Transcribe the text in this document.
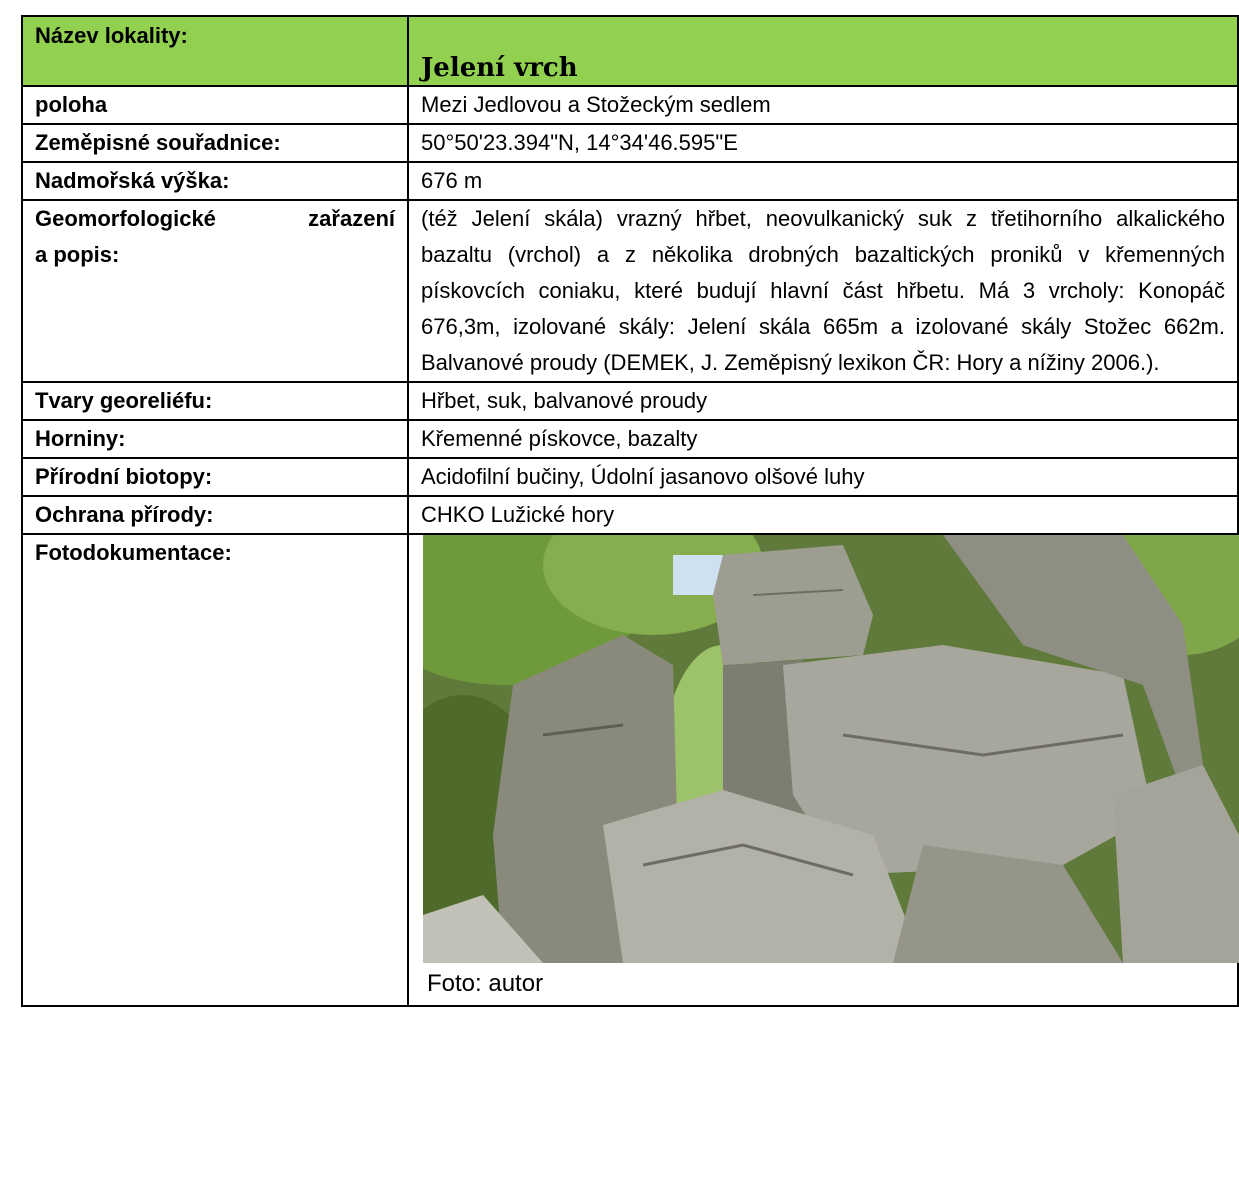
Název lokality:	Jelení vrch

poloha	Mezi Jedlovou a Stožeckým sedlem
Zeměpisné souřadnice:	50°50'23.394"N, 14°34'46.595"E
Nadmořská výška:	676 m

Geomorfologické zařazení
a popis:	(též Jelení skála) vrazný hřbet, neovulkanický suk z třetihorního alkalického bazaltu (vrchol) a z několika drobných bazaltických proniků v křemenných pískovcích coniaku, které budují hlavní část hřbetu. Má 3 vrcholy: Konopáč 676,3m, izolované skály: Jelení skála 665m a izolované skály Stožec 662m. Balvanové proudy (DEMEK, J. Zeměpisný lexikon ČR: Hory a nížiny 2006.).
Tvary georeliéfu:	Hřbet, suk, balvanové proudy
Horniny:	Křemenné pískovce, bazalty
Přírodní biotopy:	Acidofilní bučiny, Údolní jasanovo olšové luhy
Ochrana přírody:	CHKO Lužické hory
Fotodokumentace:	Foto: autor
